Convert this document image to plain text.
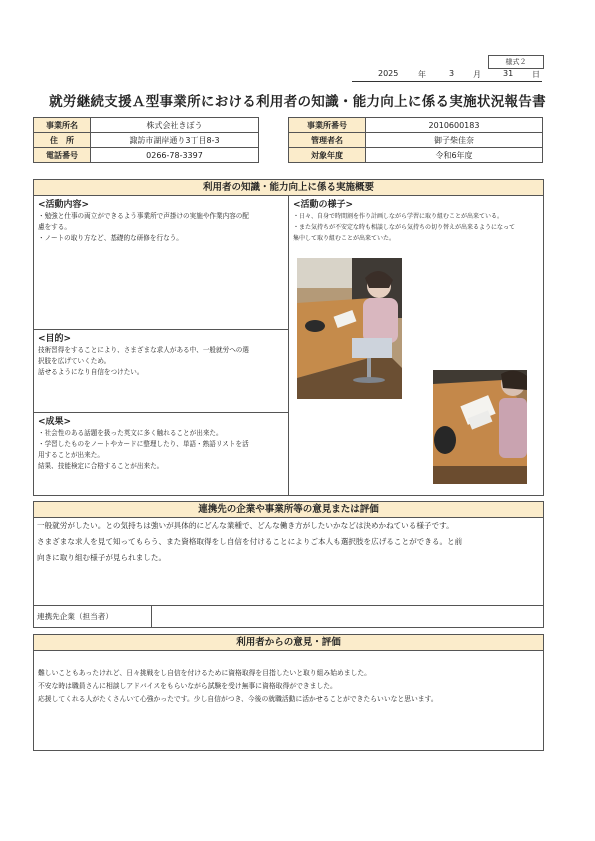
様式２
2025 年	3 月	31 日
就労継続支援Ａ型事業所における利用者の知識・能力向上に係る実施状況報告書
事業所名	株式会社きぼう
住　所	諏訪市湖岸通り3丁目8-3
電話番号	0266-78-3397
事業所番号	2010600183
管理者名	御子柴佳奈
対象年度	令和6年度
利用者の知識・能力向上に係る実施概要
<活動内容>
・勉強と仕事の両立ができるよう事業所で声掛けの実施や作業内容の配
慮をする。
・ノートの取り方など、基礎的な研修を行なう。
<目的>
技術習得をすることにより、さまざまな求人がある中、一般就労への選
択肢を広げていくため。
話せるようになり自信をつけたい。
<成果>
・社会性のある話題を扱った英文に多く触れることが出来た。
・学習したものをノートやカードに整理したり、単語・熟語リストを活
用することが出来た。
結果、技能検定に合格することが出来た。
<活動の様子>
・日々、自身で時間割を作り計画しながら学習に取り組むことが出来ている。
・また気持ちが不安定な時も相談しながら気持ちの切り替えが出来るようになって
集中して取り組むことが出来ていた。
連携先の企業や事業所等の意見または評価
一般就労がしたい。との気持ちは強いが具体的にどんな業種で、どんな働き方がしたいかなどは決めかねている様子です。
さまざまな求人を見て知ってもらう、また資格取得をし自信を付けることによりご本人も選択肢を広げることができる。と前
向きに取り組む様子が見られました。
連携先企業（担当者）
利用者からの意見・評価
難しいこともあったけれど、日々挑戦をし自信を付けるために資格取得を目指したいと取り組み始めました。
不安な時は職員さんに相談しアドバイスをもらいながら試験を受け無事に資格取得ができました。
応援してくれる人がたくさんいて心強かったです。少し自信がつき、今後の就職活動に活かせることができたらいいなと思います。
